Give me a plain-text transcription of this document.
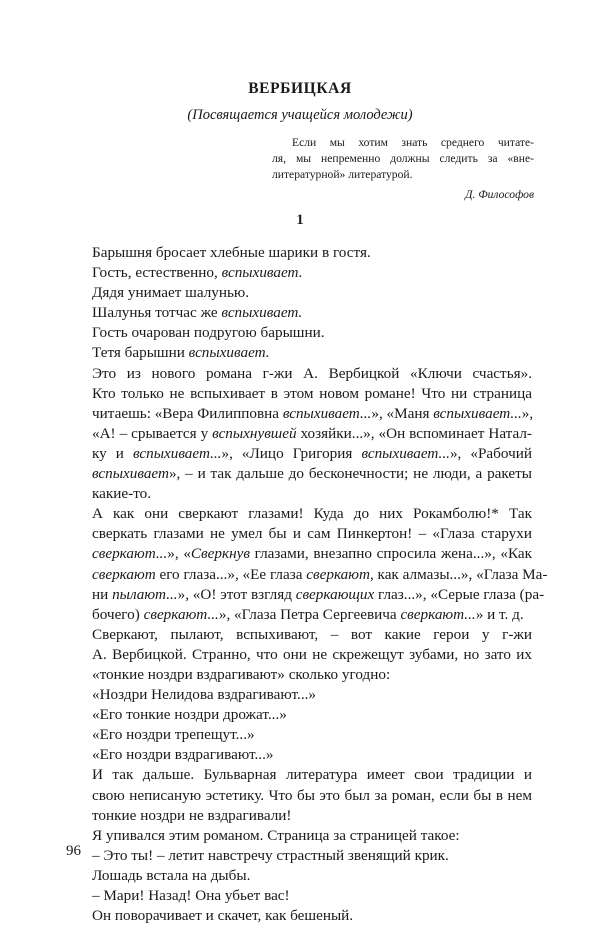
ВЕРБИЦКАЯ
(Посвящается учащейся молодежи)
Если мы хотим знать среднего читате-
ля, мы непременно должны следить за «вне-
литературной» литературой.
Д. Философов
1
Барышня бросает хлебные шарики в гостя.
Гость, естественно, вспыхивает.
Дядя унимает шалунью.
Шалунья тотчас же вспыхивает.
Гость очарован подругою барышни.
Тетя барышни вспыхивает.
Это из нового романа г-жи А. Вербицкой «Ключи счастья».
Кто только не вспыхивает в этом новом романе! Что ни страница
читаешь: «Вера Филипповна вспыхивает...», «Маня вспыхивает...»,
«А! – срывается у вспыхнувшей хозяйки...», «Он вспоминает Натал-
ку и вспыхивает...», «Лицо Григория вспыхивает...», «Рабочий
вспыхивает», – и так дальше до бесконечности; не люди, а ракеты
какие-то.
А как они сверкают глазами! Куда до них Рокамболю!* Так
сверкать глазами не умел бы и сам Пинкертон! – «Глаза старухи
сверкают...», «Сверкнув глазами, внезапно спросила жена...», «Как
сверкают его глаза...», «Ее глаза сверкают, как алмазы...», «Глаза Ма-
ни пылают...», «О! этот взгляд сверкающих глаз...», «Серые глаза (ра-
бочего) сверкают...», «Глаза Петра Сергеевича сверкают...» и т. д.
Сверкают, пылают, вспыхивают, – вот какие герои у г-жи
А. Вербицкой. Странно, что они не скрежещут зубами, но зато их
«тонкие ноздри вздрагивают» сколько угодно:
«Ноздри Нелидова вздрагивают...»
«Его тонкие ноздри дрожат...»
«Его ноздри трепещут...»
«Его ноздри вздрагивают...»
И так дальше. Бульварная литература имеет свои традиции и
свою неписаную эстетику. Что бы это был за роман, если бы в нем
тонкие ноздри не вздрагивали!
Я упивался этим романом. Страница за страницей такое:
– Это ты! – летит навстречу страстный звенящий крик.
Лошадь встала на дыбы.
– Мари! Назад! Она убьет вас!
Он поворачивает и скачет, как бешеный.
96
